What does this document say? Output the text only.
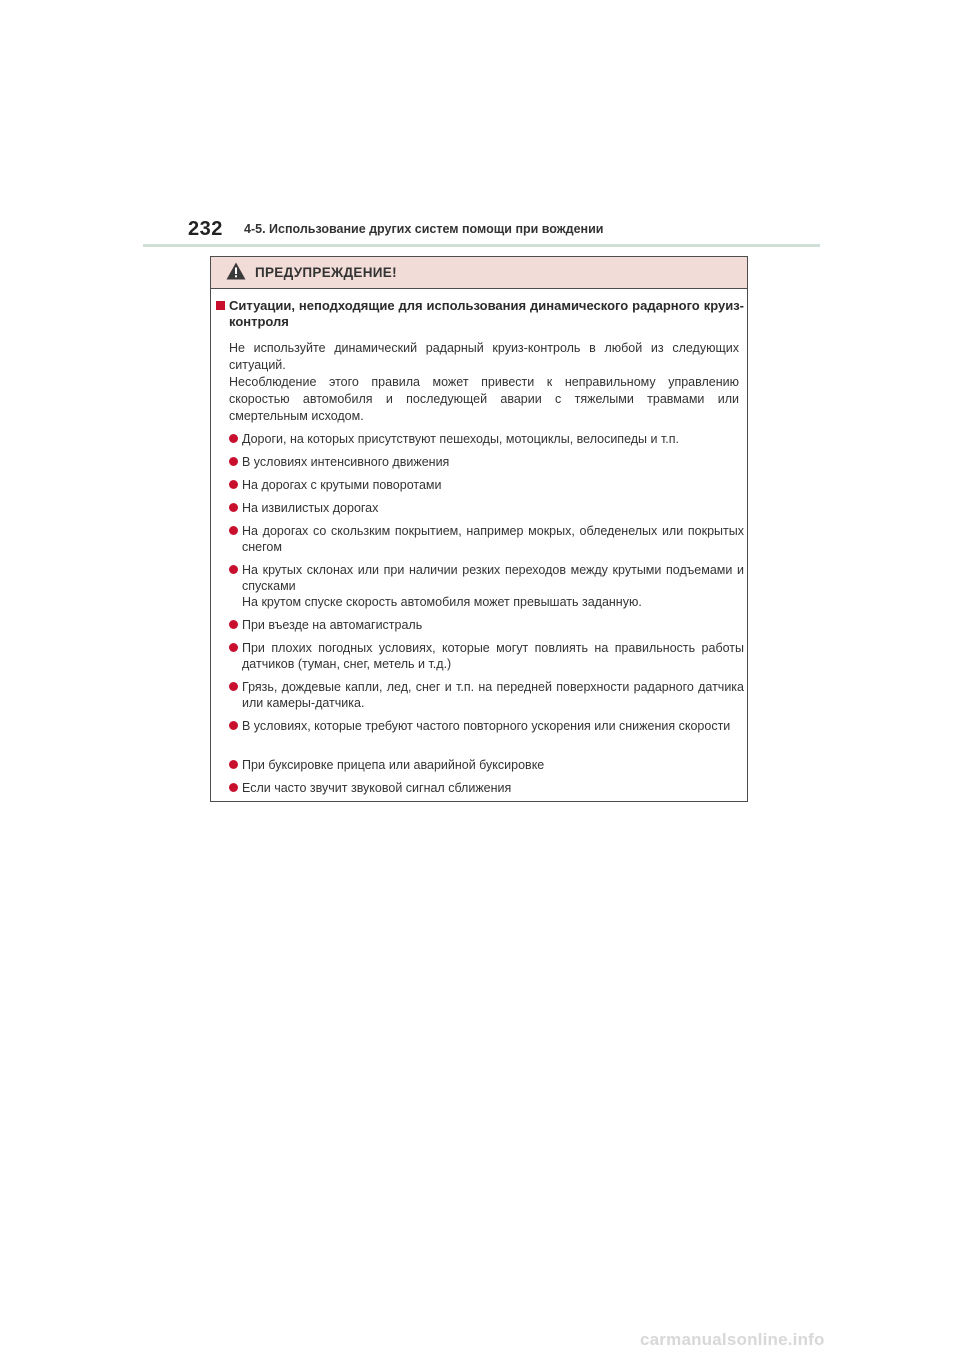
232 4-5. Использование других систем помощи при вождении
ПРЕДУПРЕЖДЕНИЕ!
Ситуации, неподходящие для использования динамического радарного круиз-контроля
Не используйте динамический радарный круиз-контроль в любой из следующих ситуаций.
Несоблюдение этого правила может привести к неправильному управлению скоростью автомобиля и последующей аварии с тяжелыми травмами или смертельным исходом.
Дороги, на которых присутствуют пешеходы, мотоциклы, велосипеды и т.п.
В условиях интенсивного движения
На дорогах с крутыми поворотами
На извилистых дорогах
На дорогах со скользким покрытием, например мокрых, обледенелых или покрытых снегом
На крутых склонах или при наличии резких переходов между крутыми подъемами и спусками
На крутом спуске скорость автомобиля может превышать заданную.
При въезде на автомагистраль
При плохих погодных условиях, которые могут повлиять на правильность работы датчиков (туман, снег, метель и т.д.)
Грязь, дождевые капли, лед, снег и т.п. на передней поверхности радарного датчика или камеры-датчика.
В условиях, которые требуют частого повторного ускорения или снижения скорости
При буксировке прицепа или аварийной буксировке
Если часто звучит звуковой сигнал сближения
carmanualsonline.info
